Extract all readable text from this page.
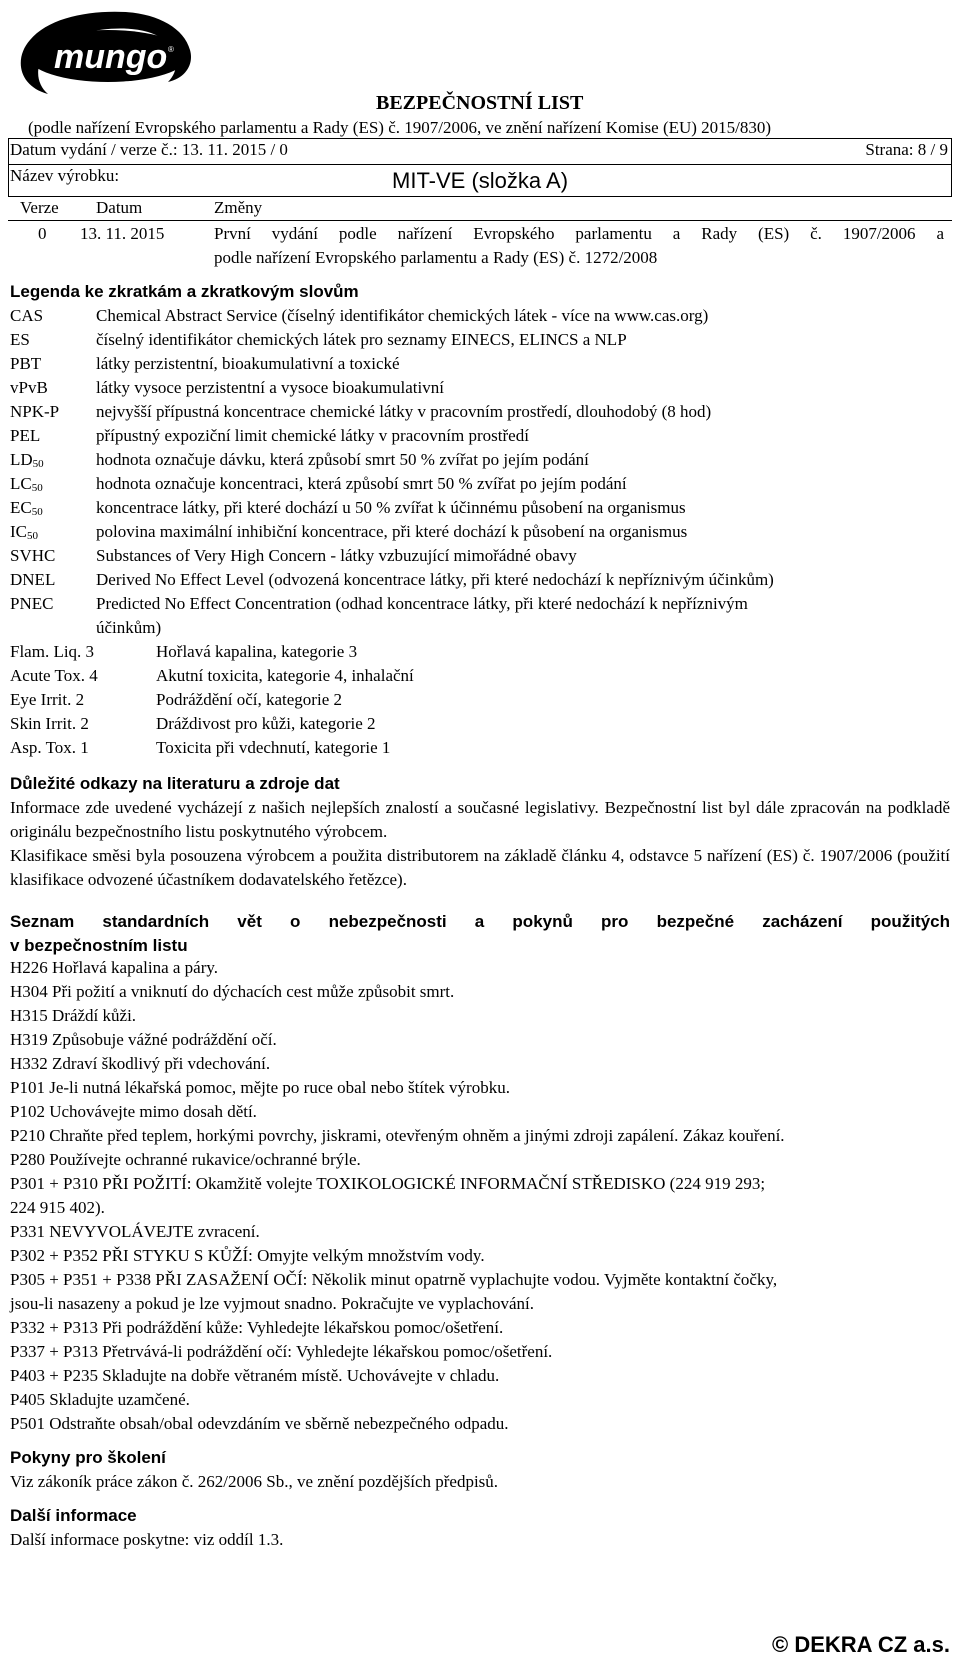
mungo ®
BEZPEČNOSTNÍ LIST
(podle nařízení Evropského parlamentu a Rady (ES) č. 1907/2006, ve znění nařízení Komise (EU) 2015/830)
Datum vydání / verze č.: 13. 11. 2015 / 0	Strana: 8 / 9
Název výrobku:	MIT-VE (složka A)
Verze Datum	Změny
0 13. 11. 2015	První vydání podle nařízení Evropského parlamentu a Rady (ES) č. 1907/2006 a
podle nařízení Evropského parlamentu a Rady (ES) č. 1272/2008
Legenda ke zkratkám a zkratkovým slovům
CAS	Chemical Abstract Service (číselný identifikátor chemických látek - více na www.cas.org)
ES	číselný identifikátor chemických látek pro seznamy EINECS, ELINCS a NLP
PBT	látky perzistentní, bioakumulativní a toxické
vPvB	látky vysoce perzistentní a vysoce bioakumulativní
NPK-P nejvyšší přípustná koncentrace chemické látky v pracovním prostředí, dlouhodobý (8 hod)
PEL	přípustný expoziční limit chemické látky v pracovním prostředí
$LD_{50}$	hodnota označuje dávku, která způsobí smrt 50 % zvířat po jejím podání
$LC_{50}$	hodnota označuje koncentraci, která způsobí smrt 50 % zvířat po jejím podání
$EC_{50}$	koncentrace látky, při které dochází u 50 % zvířat k účinnému působení na organismus
$IC_{50}$	polovina maximální inhibiční koncentrace, při které dochází k působení na organismus
SVHC Substances of Very High Concern - látky vzbuzující mimořádné obavy
DNEL Derived No Effect Level (odvozená koncentrace látky, při které nedochází k nepříznivým účinkům)
PNEC	Predicted No Effect Concentration (odhad koncentrace látky, při které nedochází k nepříznivým
účinkům)
Flam. Liq. 3	Hořlavá kapalina, kategorie 3
Acute Tox. 4	Akutní toxicita, kategorie 4, inhalační
Eye Irrit. 2	Podráždění očí, kategorie 2
Skin Irrit. 2	Dráždivost pro kůži, kategorie 2
Asp. Tox. 1	Toxicita při vdechnutí, kategorie 1
Důležité odkazy na literaturu a zdroje dat
Informace zde uvedené vycházejí z našich nejlepších znalostí a současné legislativy. Bezpečnostní list byl dále zpracován na podkladě originálu bezpečnostního listu poskytnutého výrobcem.
Klasifikace směsi byla posouzena výrobcem a použita distributorem na základě článku 4, odstavce 5 nařízení (ES) č. 1907/2006 (použití klasifikace odvozené účastníkem dodavatelského řetězce).
Seznam standardních vět o nebezpečnosti a pokynů pro bezpečné zacházení použitých
v bezpečnostním listu
H226 Hořlavá kapalina a páry.
H304 Při požití a vniknutí do dýchacích cest může způsobit smrt.
H315 Dráždí kůži.
H319 Způsobuje vážné podráždění očí.
H332 Zdraví škodlivý při vdechování.
P101 Je-li nutná lékařská pomoc, mějte po ruce obal nebo štítek výrobku.
P102 Uchovávejte mimo dosah dětí.
P210 Chraňte před teplem, horkými povrchy, jiskrami, otevřeným ohněm a jinými zdroji zapálení. Zákaz kouření.
P280 Používejte ochranné rukavice/ochranné brýle.
P301 + P310 PŘI POŽITÍ: Okamžitě volejte TOXIKOLOGICKÉ INFORMAČNÍ STŘEDISKO (224 919 293;
224 915 402).
P331 NEVYVOLÁVEJTE zvracení.
P302 + P352 PŘI STYKU S KŮŽÍ: Omyjte velkým množstvím vody.
P305 + P351 + P338 PŘI ZASAŽENÍ OČÍ: Několik minut opatrně vyplachujte vodou. Vyjměte kontaktní čočky,
jsou-li nasazeny a pokud je lze vyjmout snadno. Pokračujte ve vyplachování.
P332 + P313 Při podráždění kůže: Vyhledejte lékařskou pomoc/ošetření.
P337 + P313 Přetrvává-li podráždění očí: Vyhledejte lékařskou pomoc/ošetření.
P403 + P235 Skladujte na dobře větraném místě. Uchovávejte v chladu.
P405 Skladujte uzamčené.
P501 Odstraňte obsah/obal odevzdáním ve sběrně nebezpečného odpadu.
Pokyny pro školení
Viz zákoník práce zákon č. 262/2006 Sb., ve znění pozdějších předpisů.
Další informace
Další informace poskytne: viz oddíl 1.3.
© DEKRA CZ a.s.
